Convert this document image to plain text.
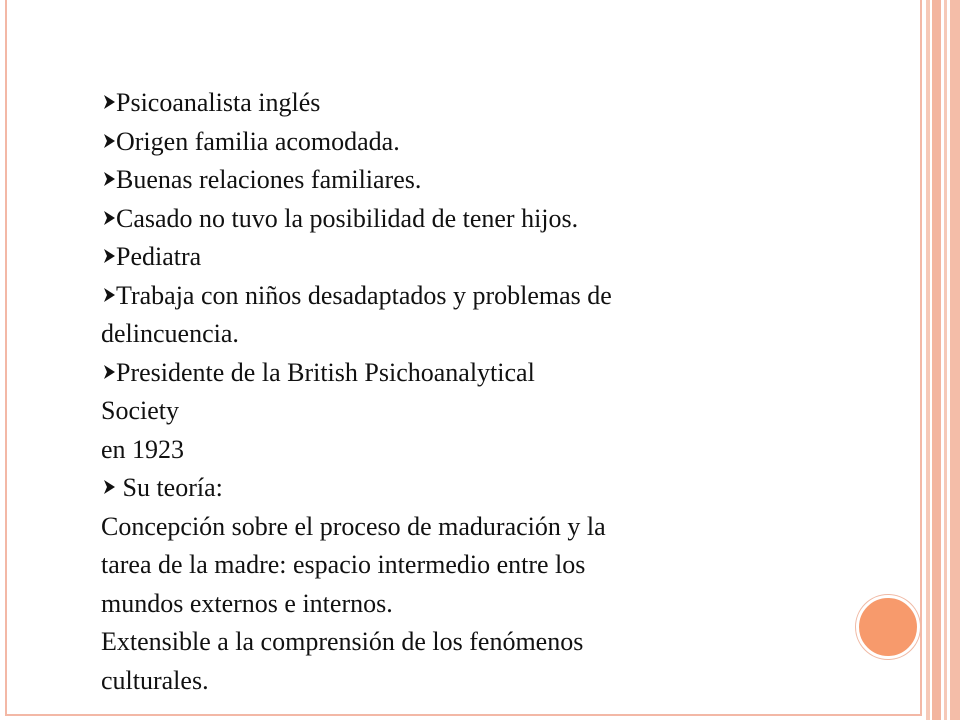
Psicoanalista inglés
Origen familia acomodada.
Buenas relaciones familiares.
Casado no tuvo la posibilidad de tener hijos.
Pediatra
Trabaja con niños desadaptados y problemas de
delincuencia.
Presidente de la British Psichoanalytical
Society
en 1923
Su teoría:
Concepción sobre el proceso de maduración y la
tarea de la madre: espacio intermedio entre los
mundos externos e internos.
Extensible a la comprensión de los fenómenos
culturales.
